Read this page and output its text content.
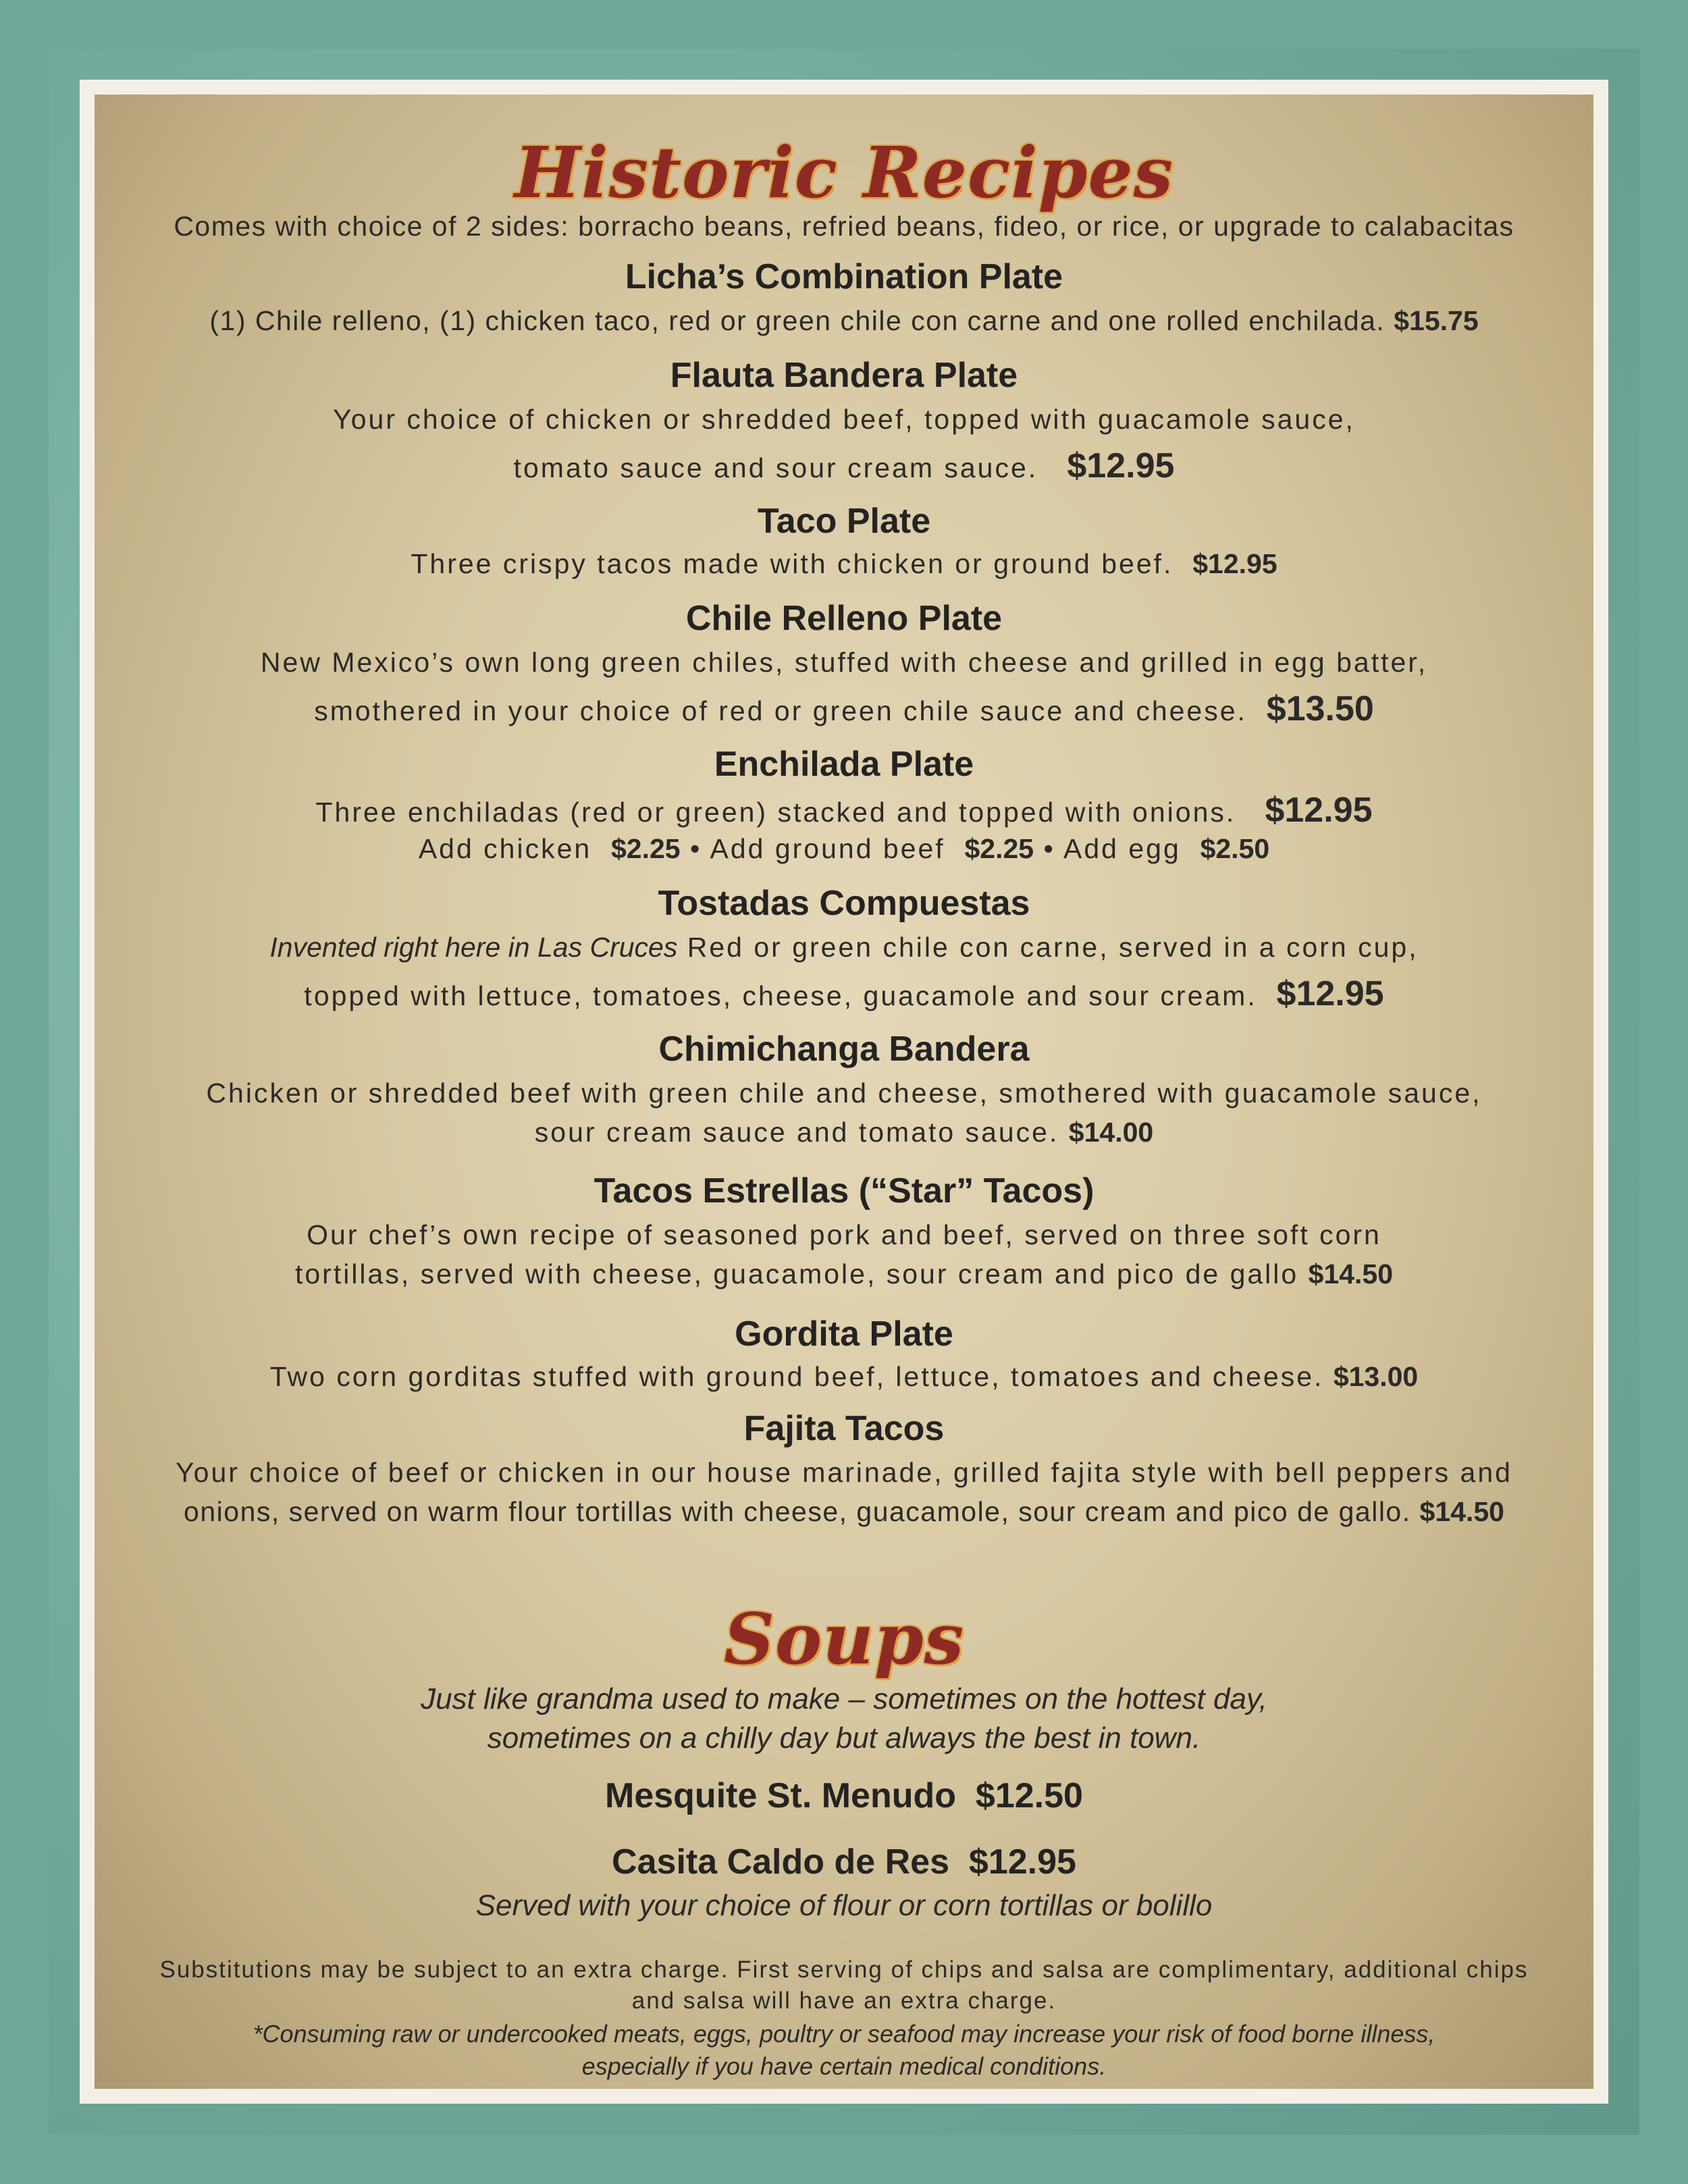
Historic Recipes
Comes with choice of 2 sides: borracho beans, refried beans, fideo, or rice, or upgrade to calabacitas
Licha’s Combination Plate
(1) Chile relleno, (1) chicken taco, red or green chile con carne and one rolled enchilada. $15.75
Flauta Bandera Plate
Your choice of chicken or shredded beef, topped with guacamole sauce,
tomato sauce and sour cream sauce. $12.95
Taco Plate
Three crispy tacos made with chicken or ground beef. $12.95
Chile Relleno Plate
New Mexico’s own long green chiles, stuffed with cheese and grilled in egg batter,
smothered in your choice of red or green chile sauce and cheese. $13.50
Enchilada Plate
Three enchiladas (red or green) stacked and topped with onions. $12.95
Add chicken $2.25 • Add ground beef $2.25 • Add egg $2.50
Tostadas Compuestas
Invented right here in Las Cruces Red or green chile con carne, served in a corn cup,
topped with lettuce, tomatoes, cheese, guacamole and sour cream. $12.95
Chimichanga Bandera
Chicken or shredded beef with green chile and cheese, smothered with guacamole sauce,
sour cream sauce and tomato sauce. $14.00
Tacos Estrellas (“Star” Tacos)
Our chef’s own recipe of seasoned pork and beef, served on three soft corn
tortillas, served with cheese, guacamole, sour cream and pico de gallo $14.50
Gordita Plate
Two corn gorditas stuffed with ground beef, lettuce, tomatoes and cheese. $13.00
Fajita Tacos
Your choice of beef or chicken in our house marinade, grilled fajita style with bell peppers and
onions, served on warm flour tortillas with cheese, guacamole, sour cream and pico de gallo. $14.50
Soups
Just like grandma used to make – sometimes on the hottest day,
sometimes on a chilly day but always the best in town.
Mesquite St. Menudo $12.50
Casita Caldo de Res $12.95
Served with your choice of flour or corn tortillas or bolillo
Substitutions may be subject to an extra charge. First serving of chips and salsa are complimentary, additional chips
and salsa will have an extra charge.
*Consuming raw or undercooked meats, eggs, poultry or seafood may increase your risk of food borne illness,
especially if you have certain medical conditions.
